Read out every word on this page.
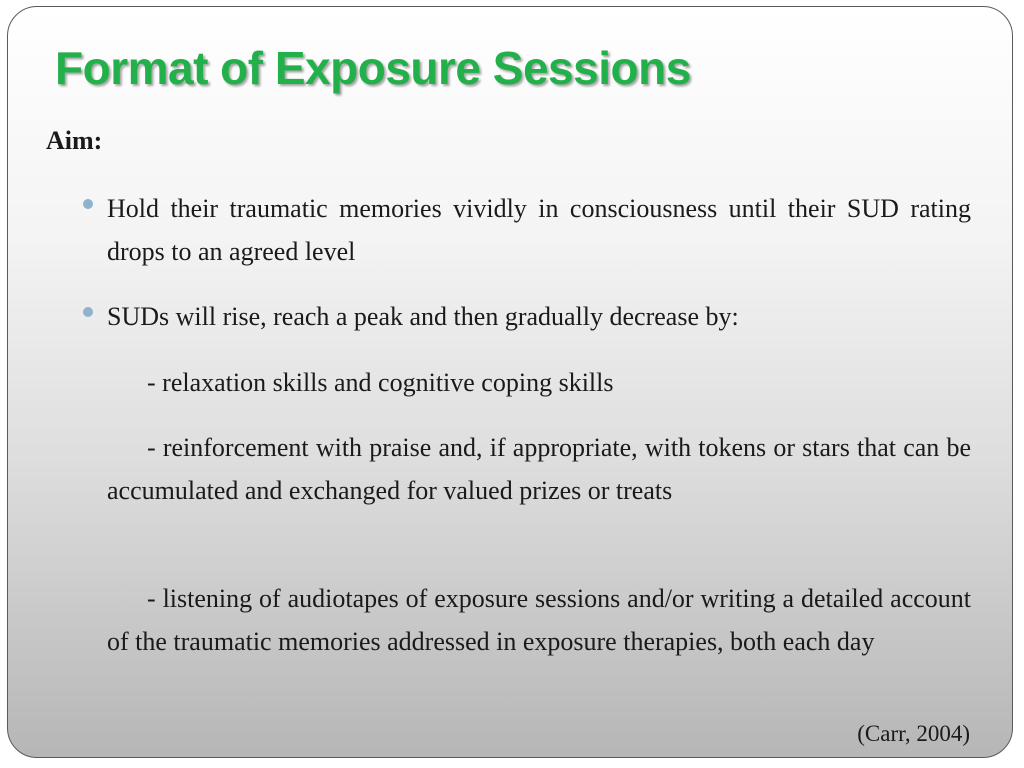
Format of Exposure Sessions

Aim:

Hold their traumatic memories vividly in consciousness until their SUD rating drops to an agreed level

SUDs will rise, reach a peak and then gradually decrease by:

- relaxation skills and cognitive coping skills

- reinforcement with praise and, if appropriate, with tokens or stars that can be accumulated and exchanged for valued prizes or treats

- listening of audiotapes of exposure sessions and/or writing a detailed account of the traumatic memories addressed in exposure therapies, both each day

(Carr, 2004)
